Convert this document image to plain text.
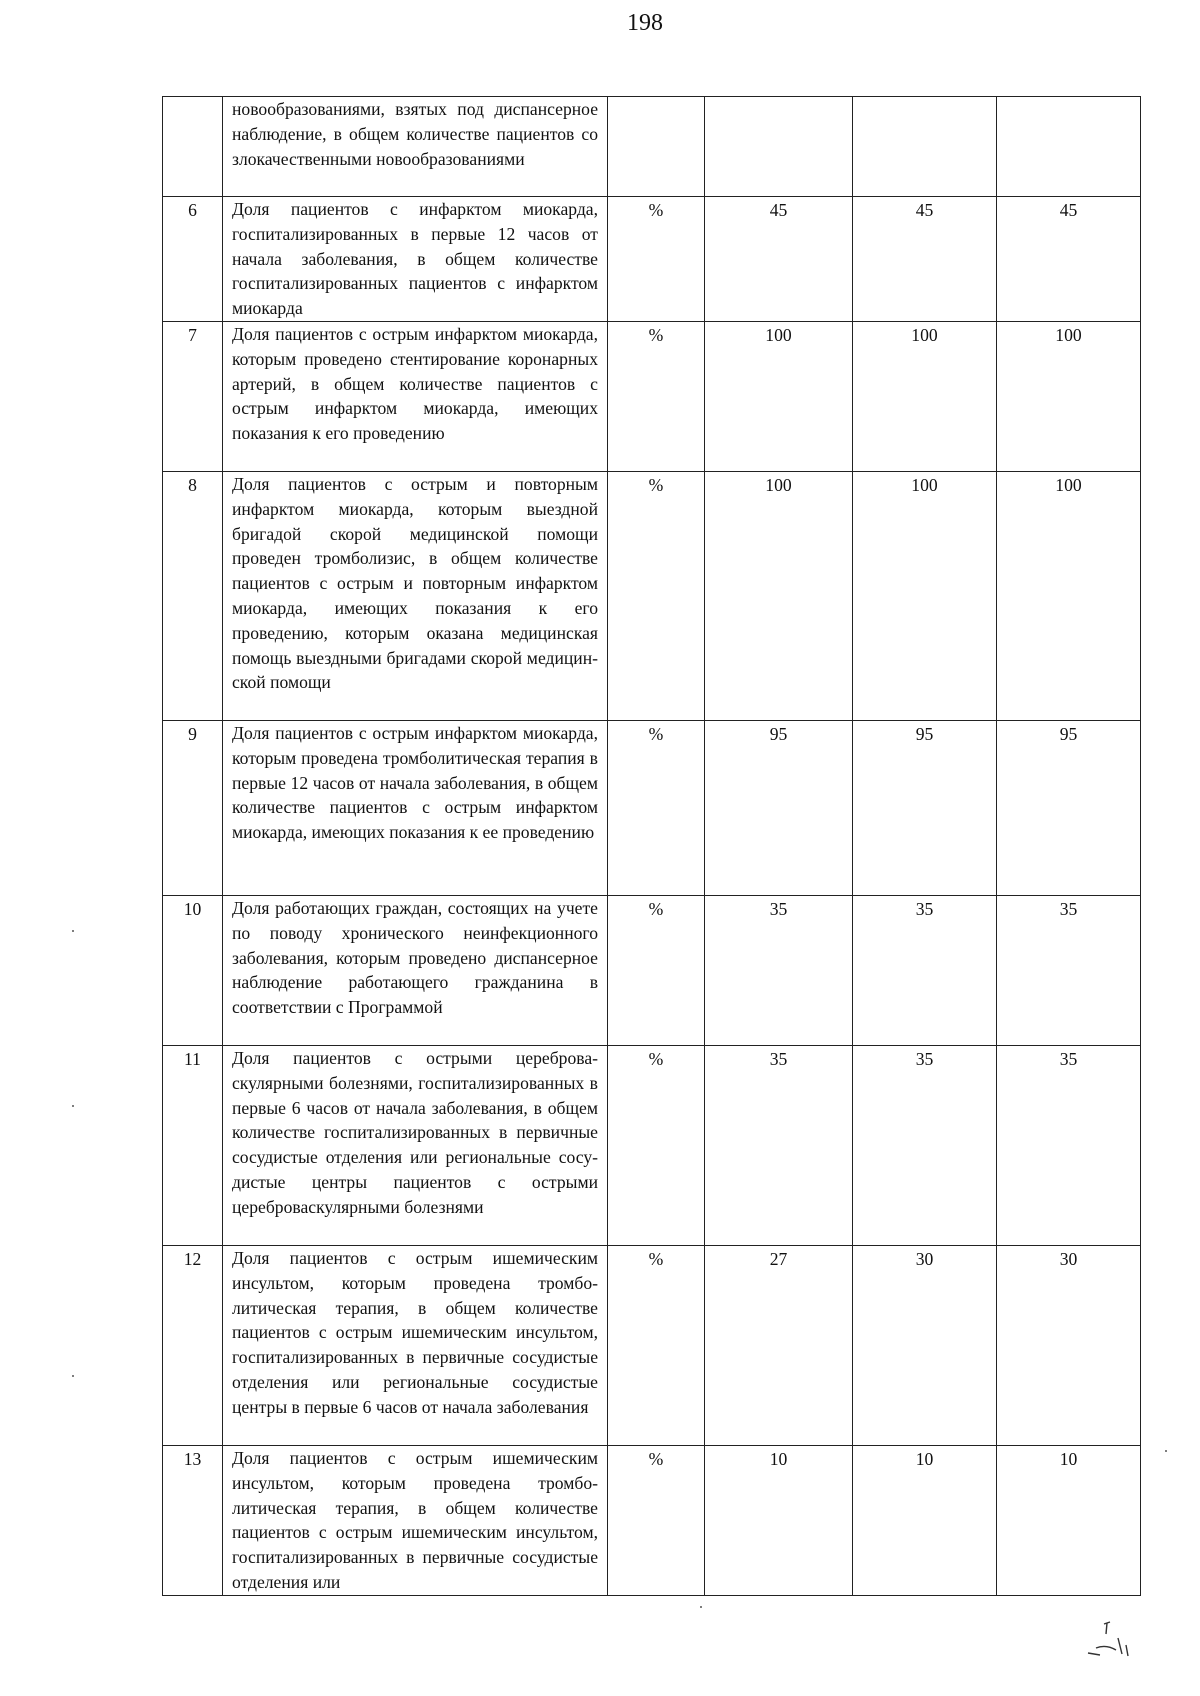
198

	новообразованиями, взятых под диспансерное наблюдение, в общем количестве пациентов со злокачественными новообразованиями				

6	Доля пациентов с инфарктом миокарда, госпитализированных в первые 12 часов от начала заболевания, в общем количестве госпитализированных пациентов с инфарктом миокарда	%	45	45	45
7	Доля пациентов с острым инфарктом миокарда, которым проведено стентирование коронарных артерий, в общем количестве пациентов с острым инфарктом миокарда, имеющих показания к его проведению	%	100	100	100
8	Доля пациентов с острым и повторным инфарктом миокарда, которым выездной бригадой скорой медицинской помощи проведен тромболизис, в общем количестве пациентов с острым и повторным инфарктом миокарда, имеющих показания к его проведению, которым оказана медицинская помощь выездными бригадами скорой медицинской помощи	%	100	100	100
9	Доля пациентов с острым инфарктом миокарда, которым проведена тромболитическая терапия в первые 12 часов от начала заболевания, в общем количестве пациентов с острым инфарктом миокарда, имеющих показания к ее проведению	%	95	95	95
10	Доля работающих граждан, состоящих на учете по поводу хронического неинфекционного заболевания, которым проведено диспансерное наблюдение работающего гражданина в соответствии с Программой	%	35	35	35
11	Доля пациентов с острыми цереброваскулярными болезнями, госпитализированных в первые 6 часов от начала заболевания, в общем количестве госпитализированных в первичные сосудистые отделения или региональные сосудистые центры пациентов с острыми цереброваскулярными болезнями	%	35	35	35
12	Доля пациентов с острым ишемическим инсультом, которым проведена тромболитическая терапия, в общем количестве пациентов с острым ишемическим инсультом, госпитализированных в первичные сосудистые отделения или региональные сосудистые центры в первые 6 часов от начала заболевания	%	27	30	30
13	Доля пациентов с острым ишемическим инсультом, которым проведена тромболитическая терапия, в общем количестве пациентов с острым ишемическим инсультом, госпитализированных в первичные сосудистые отделения или	%	10	10	10
